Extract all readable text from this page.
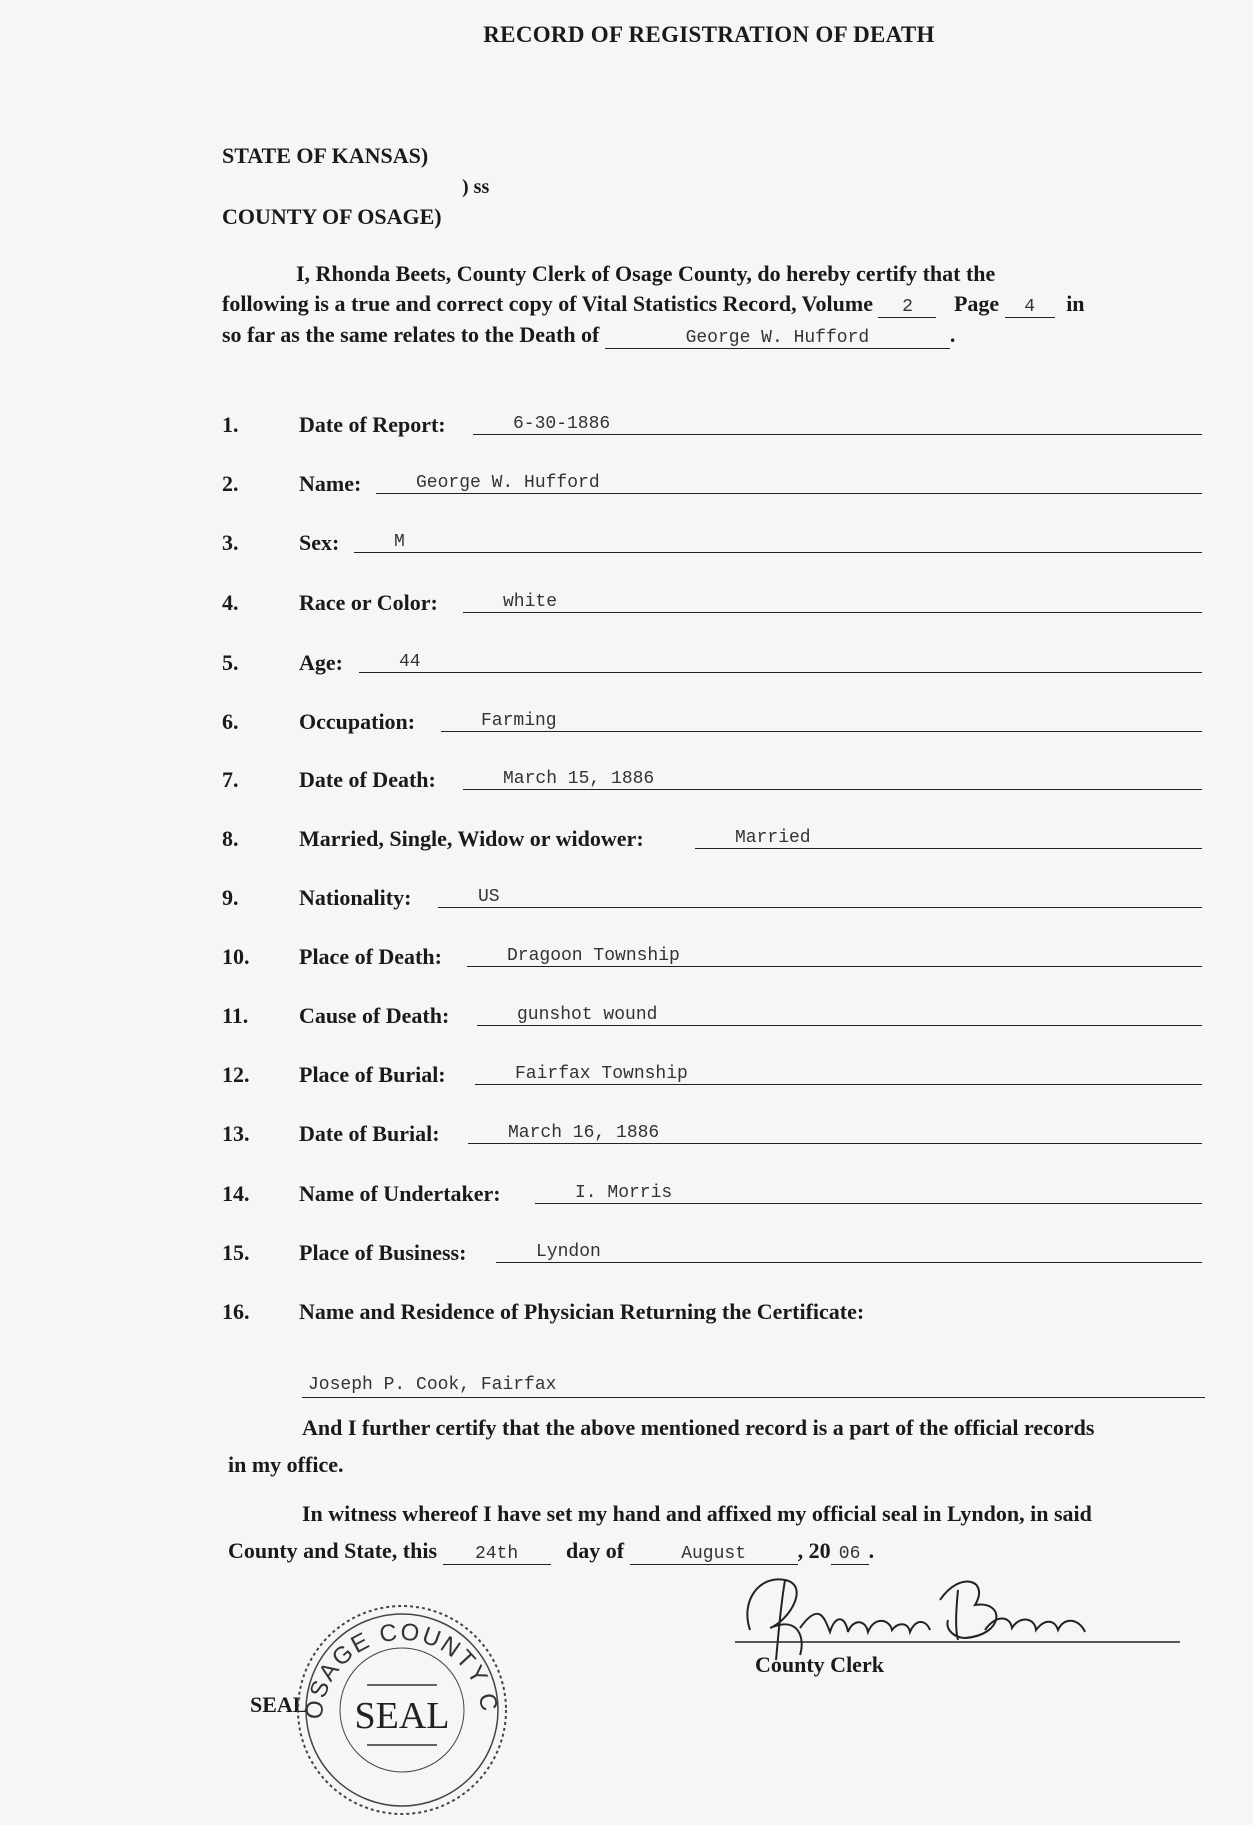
RECORD OF REGISTRATION OF DEATH
STATE OF KANSAS)
) ss
COUNTY OF OSAGE)
I, Rhonda Beets, County Clerk of Osage County, do hereby certify that the
following is a true and correct copy of Vital Statistics Record, Volume 2 Page 4 in
so far as the same relates to the Death of	George W. Hufford	.
1.	Date of Report:	6-30-1886
2.	Name:	George W. Hufford
3.	Sex:	M
4.	Race or Color:	white
5.	Age:	44
6.	Occupation:	Farming
7.	Date of Death:	March 15, 1886
8.	Married, Single, Widow or widower:	Married
9.	Nationality:	US
10.	Place of Death:	Dragoon Township
11.	Cause of Death:	gunshot wound
12.	Place of Burial:	Fairfax Township
13.	Date of Burial:	March 16, 1886
14.	Name of Undertaker:	I. Morris
15.	Place of Business:	Lyndon
16.	Name and Residence of Physician Returning the Certificate:
Joseph P. Cook, Fairfax
And I further certify that the above mentioned record is a part of the official records
in my office.
In witness whereof I have set my hand and affixed my official seal in Lyndon, in said
County and State, this 24th day of	August , 20 06 .
County Clerk
SEAL
OSAGE COUNTY C
SEAL
